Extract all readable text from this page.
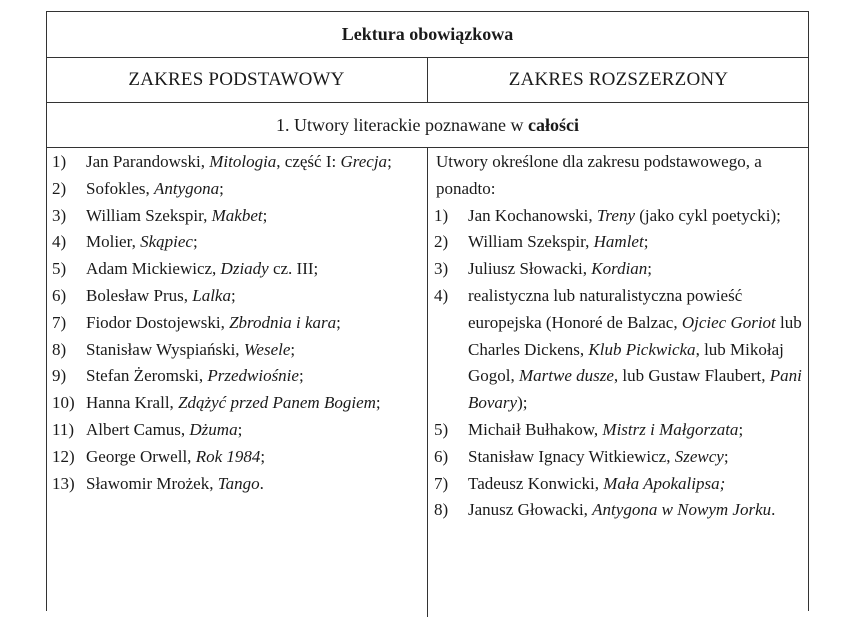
Lektura obowiązkowa
ZAKRES PODSTAWOWY	ZAKRES ROZSZERZONY
1. Utwory literackie poznawane w całości
1)	Jan Parandowski, Mitologia, część I: Grecja;
2)	Sofokles, Antygona;
3)	William Szekspir, Makbet;
4)	Molier, Skąpiec;
5)	Adam Mickiewicz, Dziady cz. III;
6)	Bolesław Prus, Lalka;
7)	Fiodor Dostojewski, Zbrodnia i kara;
8)	Stanisław Wyspiański, Wesele;
9)	Stefan Żeromski, Przedwiośnie;
10) Hanna Krall, Zdążyć przed Panem Bogiem;
11) Albert Camus, Dżuma;
12) George Orwell, Rok 1984;
13) Sławomir Mrożek, Tango.
Utwory określone dla zakresu podstawowego, a ponadto:
1)	Jan Kochanowski, Treny (jako cykl poetycki);
2)	William Szekspir, Hamlet;
3)	Juliusz Słowacki, Kordian;
4)	realistyczna lub naturalistyczna powieść europejska (Honoré de Balzac, Ojciec Goriot lub Charles Dickens, Klub Pickwicka, lub Mikołaj Gogol, Martwe dusze, lub Gustaw Flaubert, Pani Bovary);
5)	Michaił Bułhakow, Mistrz i Małgorzata;
6)	Stanisław Ignacy Witkiewicz, Szewcy;
7)	Tadeusz Konwicki, Mała Apokalipsa;
8)	Janusz Głowacki, Antygona w Nowym Jorku.
